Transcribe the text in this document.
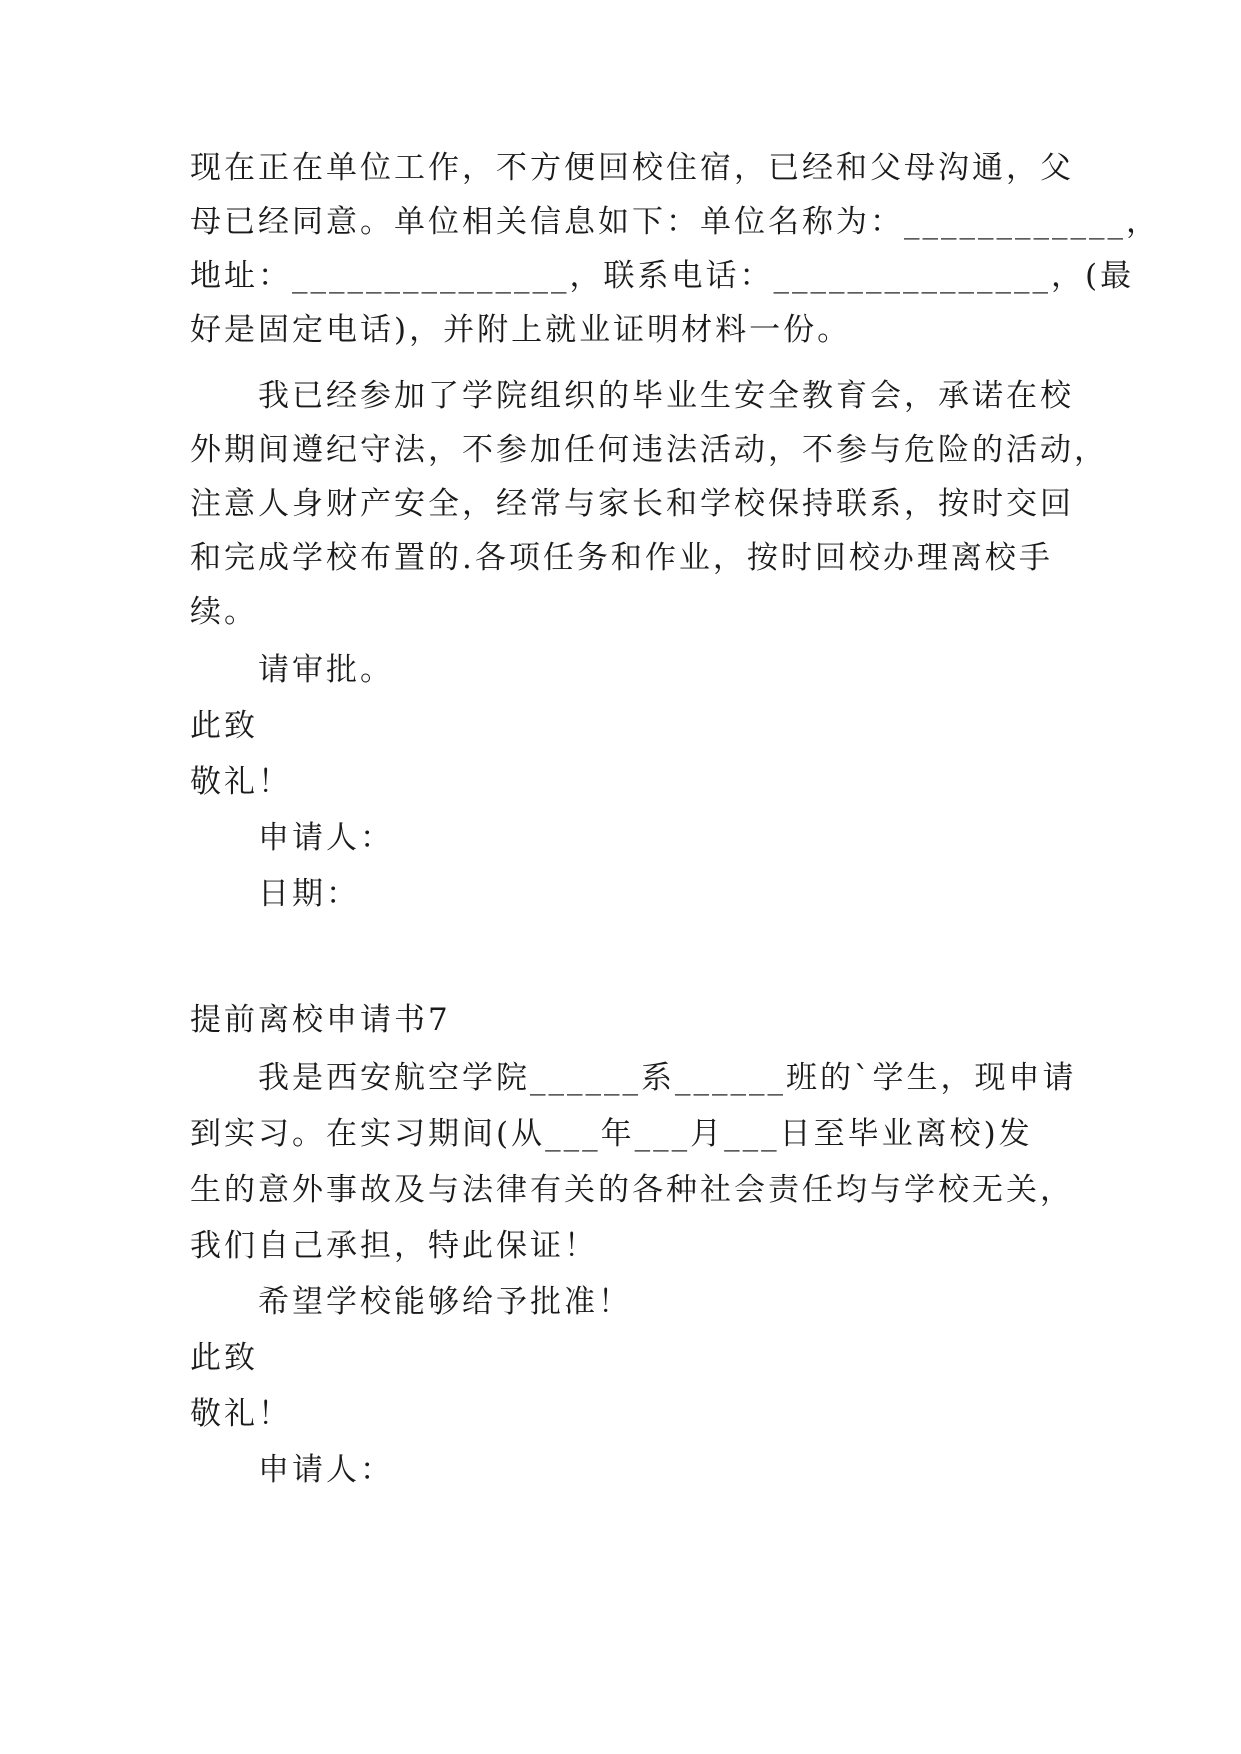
现在正在单位工作，不方便回校住宿，已经和父母沟通，父
母已经同意。单位相关信息如下：单位名称为：____________，
地址：_______________，联系电话：_______________，(最
好是固定电话)，并附上就业证明材料一份。
我已经参加了学院组织的毕业生安全教育会，承诺在校
外期间遵纪守法，不参加任何违法活动，不参与危险的活动，
注意人身财产安全，经常与家长和学校保持联系，按时交回
和完成学校布置的.各项任务和作业，按时回校办理离校手
续。
请审批。
此致
敬礼！
申请人：
日期：
提前离校申请书7
我是西安航空学院______系______班的`学生，现申请
到实习。在实习期间(从___年___月___日至毕业离校)发
生的意外事故及与法律有关的各种社会责任均与学校无关，
我们自己承担，特此保证！
希望学校能够给予批准！
此致
敬礼！
申请人：
